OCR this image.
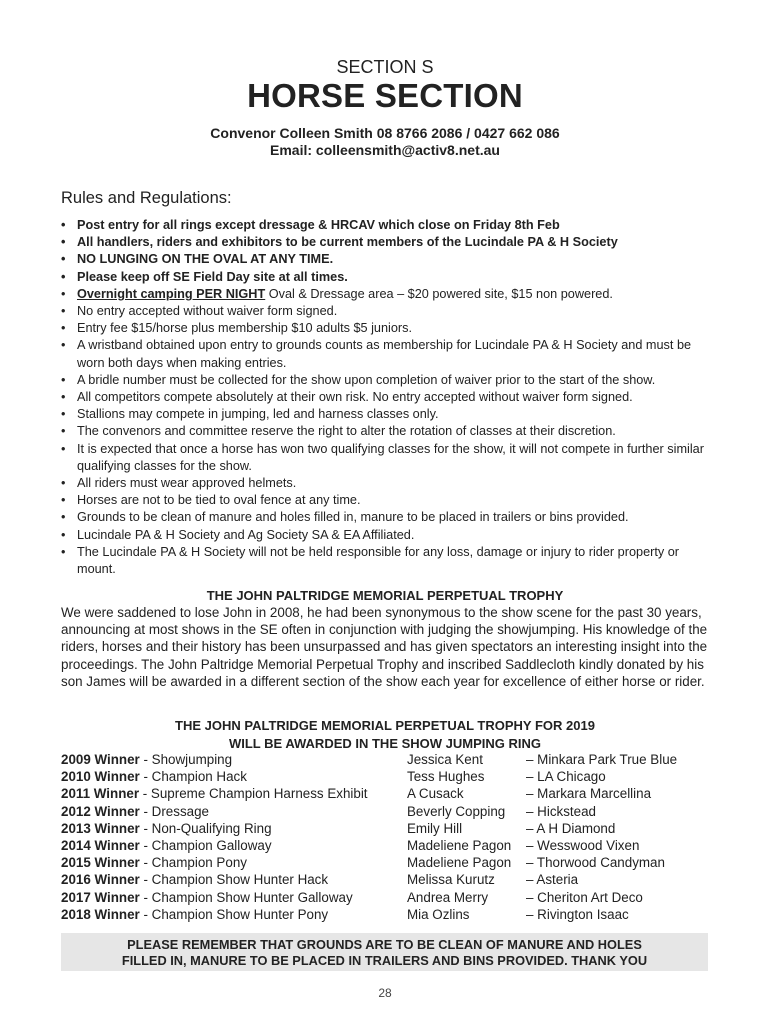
SECTION S
HORSE SECTION
Convenor Colleen Smith 08 8766 2086 / 0427 662 086
Email: colleensmith@activ8.net.au
Rules and Regulations:
• Post entry for all rings except dressage & HRCAV which close on Friday 8th Feb
• All handlers, riders and exhibitors to be current members of the Lucindale PA & H Society
• NO LUNGING ON THE OVAL AT ANY TIME.
• Please keep off SE Field Day site at all times.
• Overnight camping PER NIGHT Oval & Dressage area – $20 powered site, $15 non powered.
• No entry accepted without waiver form signed.
• Entry fee $15/horse plus membership $10 adults $5 juniors.
• A wristband obtained upon entry to grounds counts as membership for Lucindale PA & H Society and must be worn both days when making entries.
• A bridle number must be collected for the show upon completion of waiver prior to the start of the show.
• All competitors compete absolutely at their own risk. No entry accepted without waiver form signed.
• Stallions may compete in jumping, led and harness classes only.
• The convenors and committee reserve the right to alter the rotation of classes at their discretion.
• It is expected that once a horse has won two qualifying classes for the show, it will not compete in further similar qualifying classes for the show.
• All riders must wear approved helmets.
• Horses are not to be tied to oval fence at any time.
• Grounds to be clean of manure and holes filled in, manure to be placed in trailers or bins provided.
• Lucindale PA & H Society and Ag Society SA & EA Affiliated.
• The Lucindale PA & H Society will not be held responsible for any loss, damage or injury to rider property or mount.
THE JOHN PALTRIDGE MEMORIAL PERPETUAL TROPHY

We were saddened to lose John in 2008, he had been synonymous to the show scene for the past 30 years, announcing at most shows in the SE often in conjunction with judging the showjumping. His knowledge of the riders, horses and their history has been unsurpassed and has given spectators an interesting insight into the proceedings. The John Paltridge Memorial Perpetual Trophy and inscribed Saddlecloth kindly donated by his son James will be awarded in a different section of the show each year for excellence of either horse or rider.

THE JOHN PALTRIDGE MEMORIAL PERPETUAL TROPHY FOR 2019
WILL BE AWARDED IN THE SHOW JUMPING RING
2009 Winner - Showjumping	Jessica Kent	– Minkara Park True Blue
2010 Winner - Champion Hack	Tess Hughes	– LA Chicago
2011 Winner - Supreme Champion Harness Exhibit	A Cusack	– Markara Marcellina
2012 Winner - Dressage	Beverly Copping – Hickstead
2013 Winner - Non-Qualifying Ring	Emily Hill	– A H Diamond
2014 Winner - Champion Galloway	Madeliene Pagon – Wesswood Vixen
2015 Winner - Champion Pony	Madeliene Pagon – Thorwood Candyman
2016 Winner - Champion Show Hunter Hack	Melissa Kurutz – Asteria
2017 Winner - Champion Show Hunter Galloway	Andrea Merry	– Cheriton Art Deco
2018 Winner - Champion Show Hunter Pony	Mia Ozlins	– Rivington Isaac
PLEASE REMEMBER THAT GROUNDS ARE TO BE CLEAN OF MANURE AND HOLES
FILLED IN, MANURE TO BE PLACED IN TRAILERS AND BINS PROVIDED. THANK YOU
28
